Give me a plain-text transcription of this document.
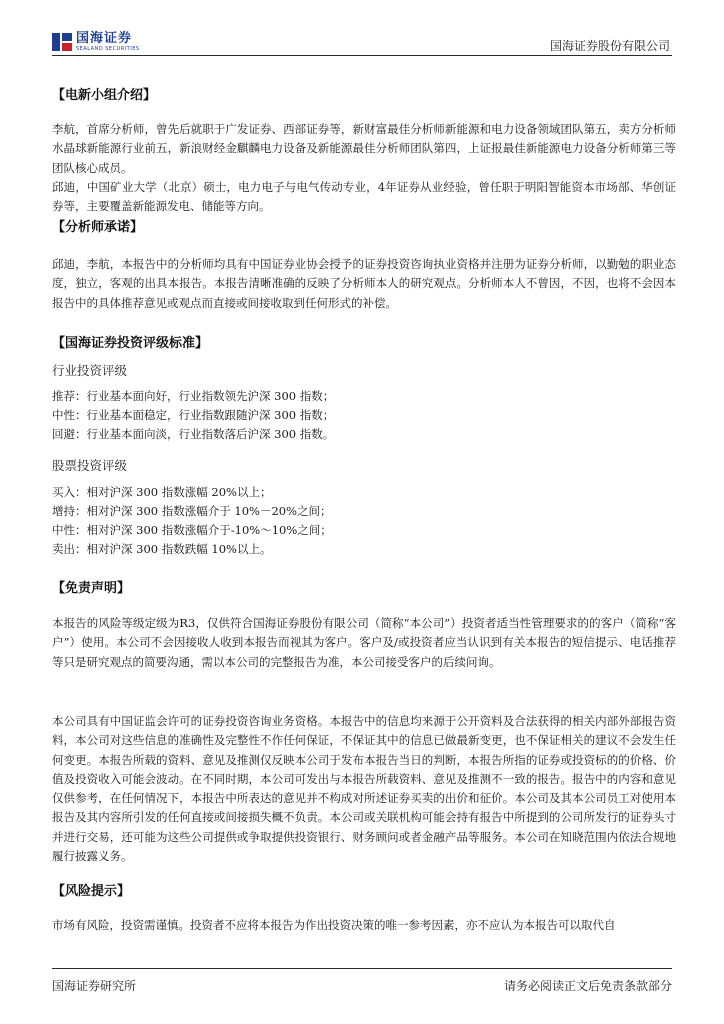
国海证券
SEALAND SECURITIES	国海证券股份有限公司
【电新小组介绍】
李航，首席分析师，曾先后就职于广发证券、西部证券等，新财富最佳分析师新能源和电力设备领域团队第五，卖方分析师水晶球新能源行业前五，新浪财经金麒麟电力设备及新能源最佳分析师团队第四，上证报最佳新能源电力设备分析师第三等团队核心成员。
邱迪，中国矿业大学（北京）硕士，电力电子与电气传动专业，4年证券从业经验，曾任职于明阳智能资本市场部、华创证券等，主要覆盖新能源发电、储能等方向。
【分析师承诺】
邱迪，李航，本报告中的分析师均具有中国证券业协会授予的证券投资咨询执业资格并注册为证券分析师，以勤勉的职业态度，独立，客观的出具本报告。本报告清晰准确的反映了分析师本人的研究观点。分析师本人不曾因，不因，也将不会因本报告中的具体推荐意见或观点而直接或间接收取到任何形式的补偿。
【国海证券投资评级标准】
行业投资评级
推荐：行业基本面向好，行业指数领先沪深 300 指数；
中性：行业基本面稳定，行业指数跟随沪深 300 指数；
回避：行业基本面向淡，行业指数落后沪深 300 指数。
股票投资评级
买入：相对沪深 300 指数涨幅 20%以上；
增持：相对沪深 300 指数涨幅介于 10%－20%之间；
中性：相对沪深 300 指数涨幅介于-10%～10%之间；
卖出：相对沪深 300 指数跌幅 10%以上。
【免责声明】
本报告的风险等级定级为R3，仅供符合国海证券股份有限公司（简称“本公司”）投资者适当性管理要求的的客户（简称“客户”）使用。本公司不会因接收人收到本报告而视其为客户。客户及/或投资者应当认识到有关本报告的短信提示、电话推荐等只是研究观点的简要沟通，需以本公司的完整报告为准，本公司接受客户的后续问询。
本公司具有中国证监会许可的证券投资咨询业务资格。本报告中的信息均来源于公开资料及合法获得的相关内部外部报告资料，本公司对这些信息的准确性及完整性不作任何保证，不保证其中的信息已做最新变更，也不保证相关的建议不会发生任何变更。本报告所载的资料、意见及推测仅反映本公司于发布本报告当日的判断，本报告所指的证券或投资标的的价格、价值及投资收入可能会波动。在不同时期，本公司可发出与本报告所载资料、意见及推测不一致的报告。报告中的内容和意见仅供参考，在任何情况下，本报告中所表达的意见并不构成对所述证券买卖的出价和征价。本公司及其本公司员工对使用本报告及其内容所引发的任何直接或间接损失概不负责。本公司或关联机构可能会持有报告中所提到的公司所发行的证券头寸并进行交易，还可能为这些公司提供或争取提供投资银行、财务顾问或者金融产品等服务。本公司在知晓范围内依法合规地履行披露义务。
【风险提示】
市场有风险，投资需谨慎。投资者不应将本报告为作出投资决策的唯一参考因素，亦不应认为本报告可以取代自
国海证券研究所	请务必阅读正文后免责条款部分
